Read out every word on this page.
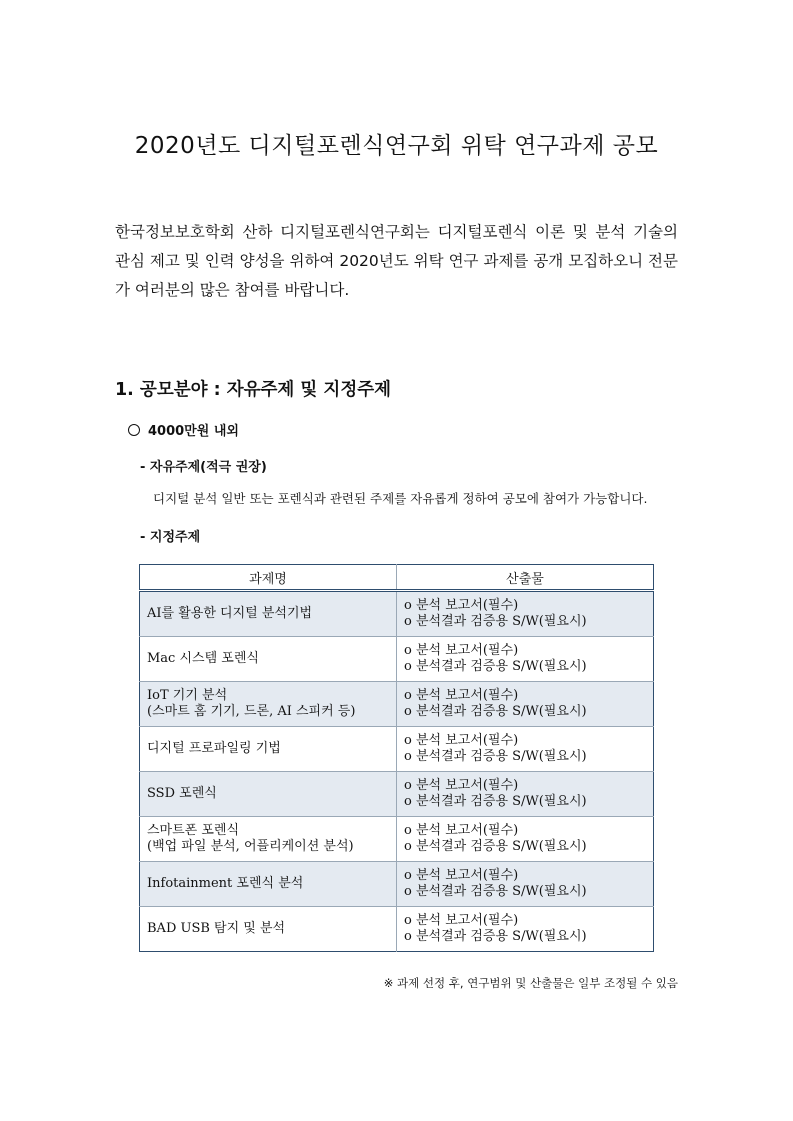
2020년도 디지털포렌식연구회 위탁 연구과제 공모

한국정보보호학회 산하 디지털포렌식연구회는 디지털포렌식 이론 및 분석 기술의 관심 제고 및 인력 양성을 위하여 2020년도 위탁 연구 과제를 공개 모집하오니 전문가 여러분의 많은 참여를 바랍니다.

1. 공모분야 : 자유주제 및 지정주제
4000만원 내외
- 자유주제(적극 권장)
디지털 분석 일반 또는 포렌식과 관련된 주제를 자유롭게 정하여 공모에 참여가 가능합니다.
- 지정주제
과제명	산출물

AI를 활용한 디지털 분석기법	o 분석 보고서(필수)
o 분석결과 검증용 S/W(필요시)

Mac 시스템 포렌식	o 분석 보고서(필수)
o 분석결과 검증용 S/W(필요시)

IoT 기기 분석
(스마트 홈 기기, 드론, AI 스피커 등)	o 분석 보고서(필수)
o 분석결과 검증용 S/W(필요시)

디지털 프로파일링 기법	o 분석 보고서(필수)
o 분석결과 검증용 S/W(필요시)

SSD 포렌식	o 분석 보고서(필수)
o 분석결과 검증용 S/W(필요시)

스마트폰 포렌식
(백업 파일 분석, 어플리케이션 분석)	o 분석 보고서(필수)
o 분석결과 검증용 S/W(필요시)

Infotainment 포렌식 분석	o 분석 보고서(필수)
o 분석결과 검증용 S/W(필요시)

BAD USB 탐지 및 분석	o 분석 보고서(필수)
o 분석결과 검증용 S/W(필요시)
※ 과제 선정 후, 연구범위 및 산출물은 일부 조정될 수 있음
